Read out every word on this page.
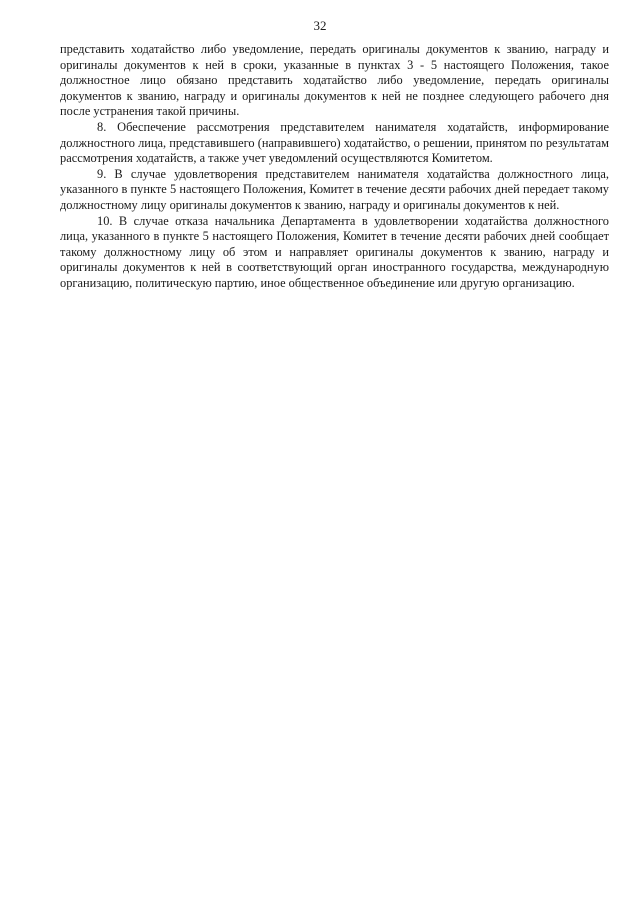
32

представить ходатайство либо уведомление, передать оригиналы документов к званию, награду и оригиналы документов к ней в сроки, указанные в пунктах 3 - 5 настоящего Положения, такое должностное лицо обязано представить ходатайство либо уведомление, передать оригиналы документов к званию, награду и оригиналы документов к ней не позднее следующего рабочего дня после устранения такой причины.

8. Обеспечение рассмотрения представителем нанимателя ходатайств, информирование должностного лица, представившего (направившего) ходатайство, о решении, принятом по результатам рассмотрения ходатайств, а также учет уведомлений осуществляются Комитетом.

9. В случае удовлетворения представителем нанимателя ходатайства должностного лица, указанного в пункте 5 настоящего Положения, Комитет в течение десяти рабочих дней передает такому должностному лицу оригиналы документов к званию, награду и оригиналы документов к ней.

10. В случае отказа начальника Департамента в удовлетворении ходатайства должностного лица, указанного в пункте 5 настоящего Положения, Комитет в течение десяти рабочих дней сообщает такому должностному лицу об этом и направляет оригиналы документов к званию, награду и оригиналы документов к ней в соответствующий орган иностранного государства, международную организацию, политическую партию, иное общественное объединение или другую организацию.
